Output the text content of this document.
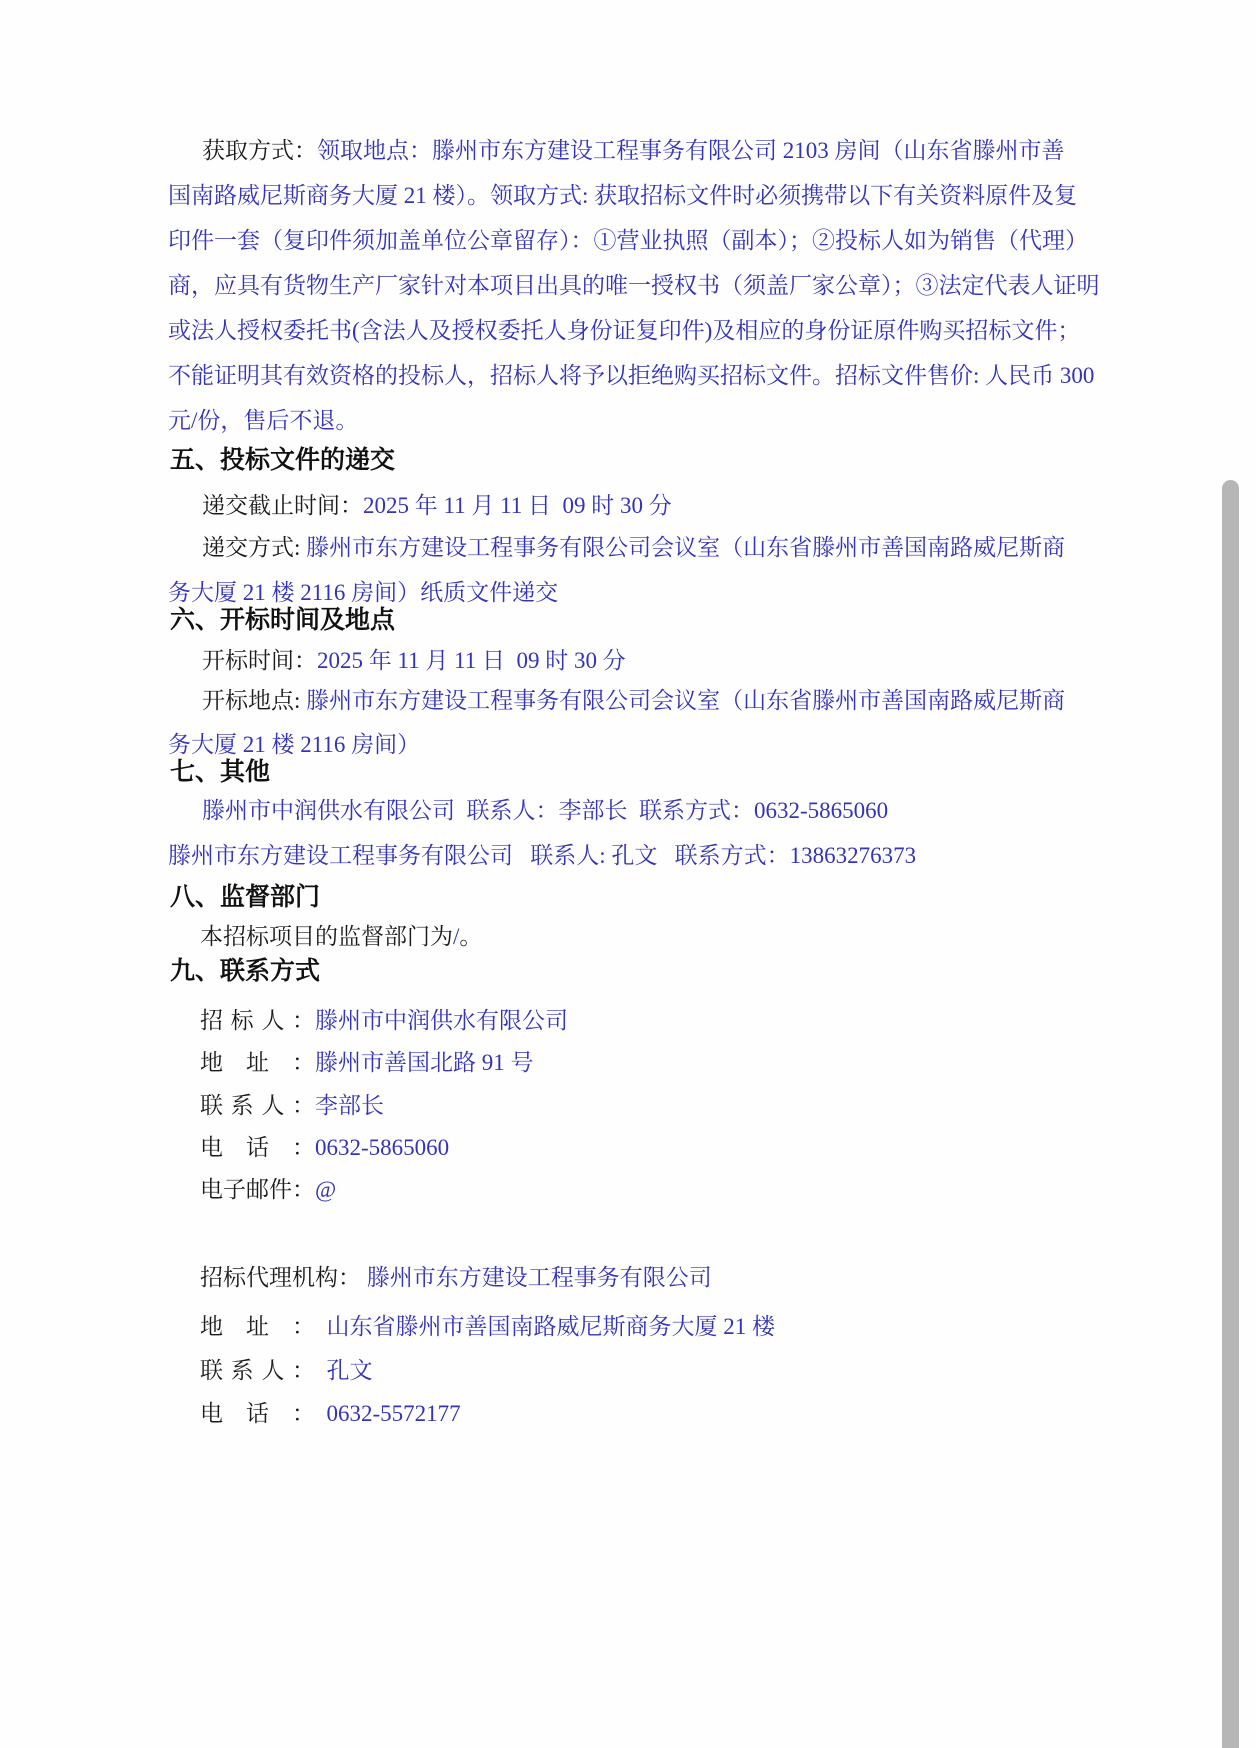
获取方式：领取地点：滕州市东方建设工程事务有限公司 2103 房间（山东省滕州市善
国南路威尼斯商务大厦 21 楼）。领取方式: 获取招标文件时必须携带以下有关资料原件及复
印件一套（复印件须加盖单位公章留存）：①营业执照（副本）；②投标人如为销售（代理）
商，应具有货物生产厂家针对本项目出具的唯一授权书（须盖厂家公章）；③法定代表人证明
或法人授权委托书(含法人及授权委托人身份证复印件)及相应的身份证原件购买招标文件；
不能证明其有效资格的投标人，招标人将予以拒绝购买招标文件。招标文件售价: 人民币 300
元/份，售后不退。
五、投标文件的递交
递交截止时间：2025 年 11 月 11 日  09 时 30 分
递交方式: 滕州市东方建设工程事务有限公司会议室（山东省滕州市善国南路威尼斯商
务大厦 21 楼 2116 房间）纸质文件递交
六、开标时间及地点
开标时间：2025 年 11 月 11 日  09 时 30 分
开标地点: 滕州市东方建设工程事务有限公司会议室（山东省滕州市善国南路威尼斯商
务大厦 21 楼 2116 房间）
七、其他
滕州市中润供水有限公司  联系人：李部长  联系方式：0632-5865060
滕州市东方建设工程事务有限公司   联系人: 孔文   联系方式：13863276373
八、监督部门
本招标项目的监督部门为/。
九、联系方式
招标人：滕州市中润供水有限公司
地址：滕州市善国北路 91 号
联系人：李部长
电话：0632-5865060
电子邮件：@
招标代理机构： 滕州市东方建设工程事务有限公司
地址：  山东省滕州市善国南路威尼斯商务大厦 21 楼
联系人：  孔文
电话：  0632-5572177
